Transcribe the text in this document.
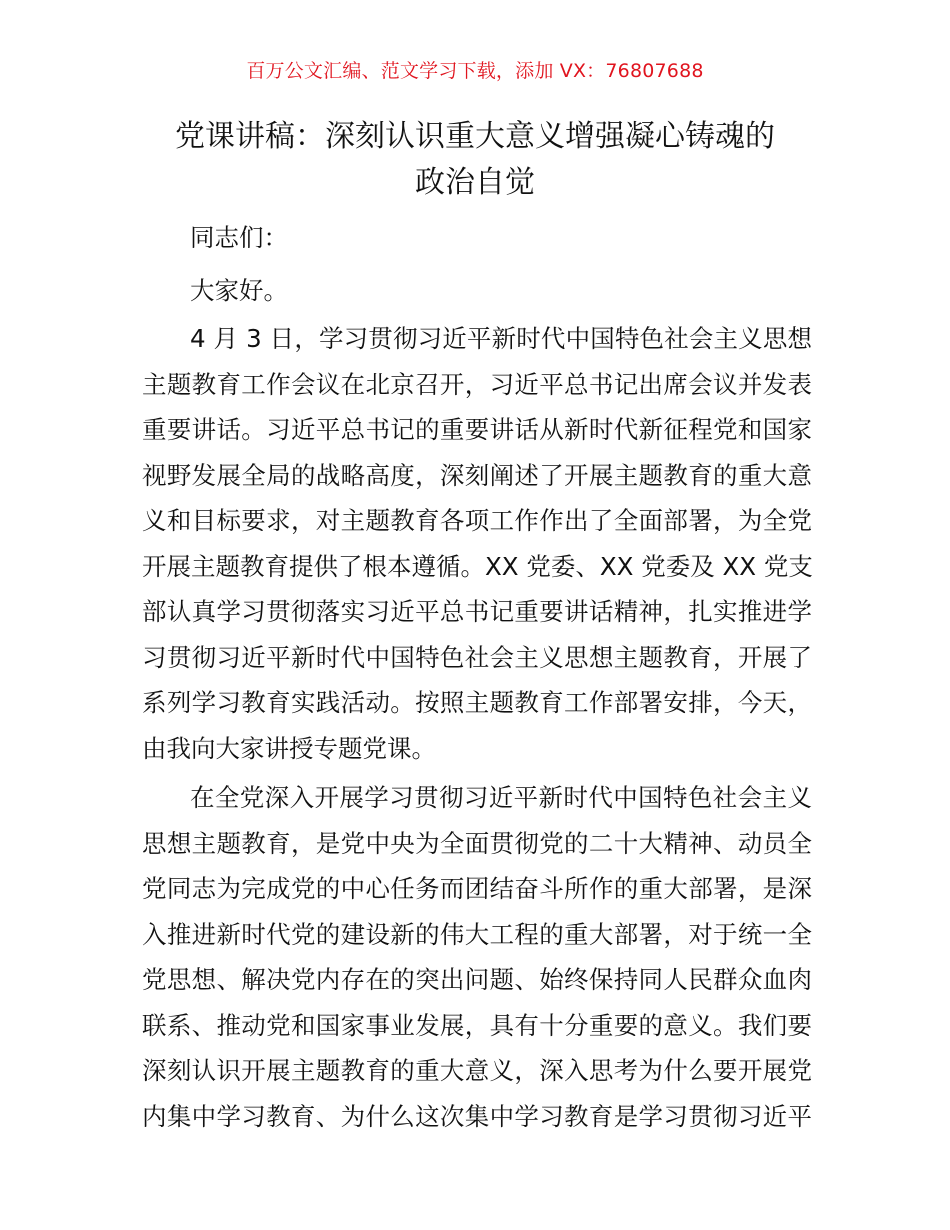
百万公文汇编、范文学习下载，添加 VX：76807688
党课讲稿：深刻认识重大意义增强凝心铸魂的
政治自觉
同志们：
大家好。
4 月 3 日，学习贯彻习近平新时代中国特色社会主义思想
主题教育工作会议在北京召开，习近平总书记出席会议并发表
重要讲话。习近平总书记的重要讲话从新时代新征程党和国家
视野发展全局的战略高度，深刻阐述了开展主题教育的重大意
义和目标要求，对主题教育各项工作作出了全面部署，为全党
开展主题教育提供了根本遵循。XX 党委、XX 党委及 XX 党支
部认真学习贯彻落实习近平总书记重要讲话精神，扎实推进学
习贯彻习近平新时代中国特色社会主义思想主题教育，开展了
系列学习教育实践活动。按照主题教育工作部署安排，今天，
由我向大家讲授专题党课。
在全党深入开展学习贯彻习近平新时代中国特色社会主义
思想主题教育，是党中央为全面贯彻党的二十大精神、动员全
党同志为完成党的中心任务而团结奋斗所作的重大部署，是深
入推进新时代党的建设新的伟大工程的重大部署，对于统一全
党思想、解决党内存在的突出问题、始终保持同人民群众血肉
联系、推动党和国家事业发展，具有十分重要的意义。我们要
深刻认识开展主题教育的重大意义，深入思考为什么要开展党
内集中学习教育、为什么这次集中学习教育是学习贯彻习近平
